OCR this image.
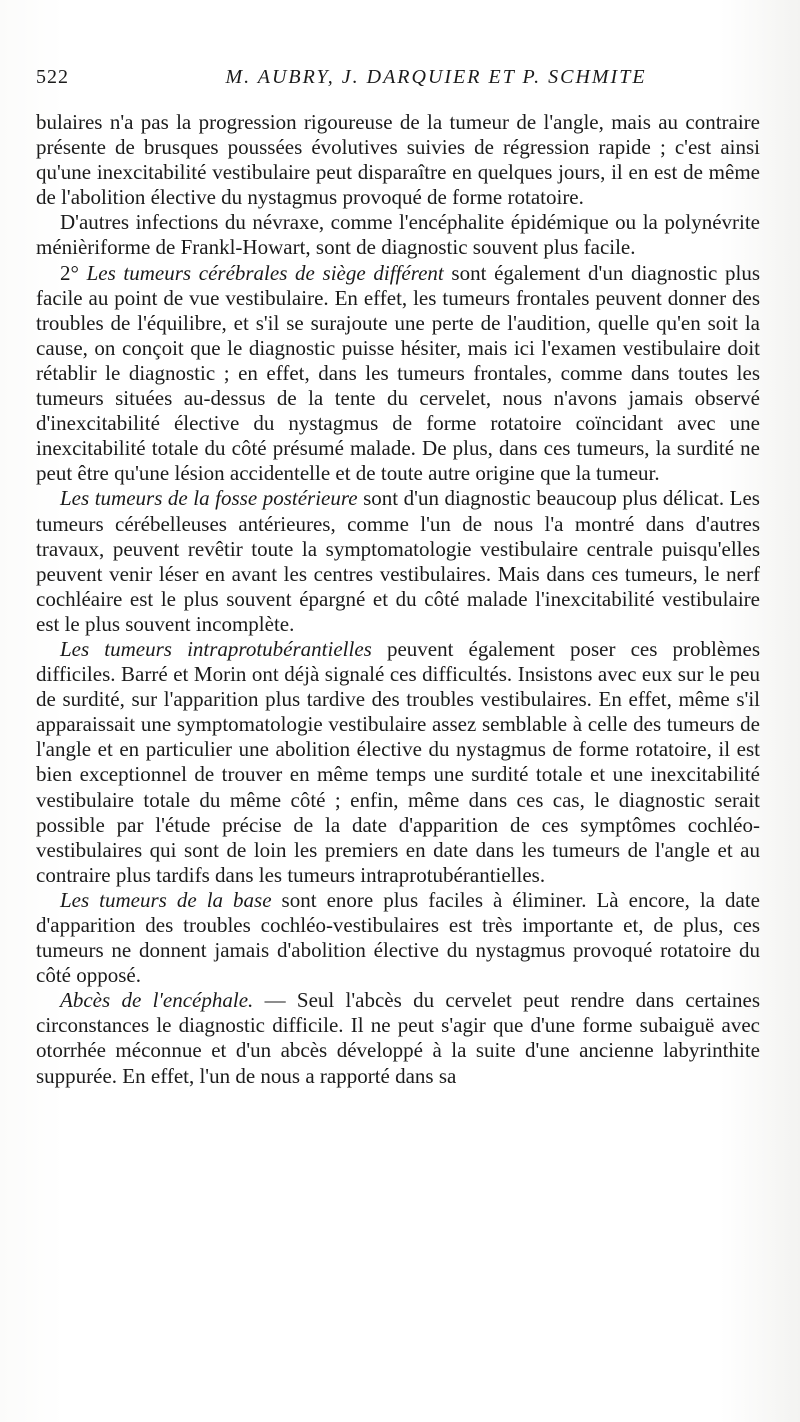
522	M. AUBRY, J. DARQUIER ET P. SCHMITE

bulaires n'a pas la progression rigoureuse de la tumeur de l'angle, mais au contraire présente de brusques poussées évolutives suivies de régression rapide ; c'est ainsi qu'une inexcitabilité vestibulaire peut disparaître en quelques jours, il en est de même de l'abolition élective du nystagmus provoqué de forme rotatoire.

D'autres infections du névraxe, comme l'encéphalite épidémique ou la polynévrite ménièriforme de Frankl-Howart, sont de diagnostic souvent plus facile.

2° Les tumeurs cérébrales de siège différent sont également d'un diagnostic plus facile au point de vue vestibulaire. En effet, les tumeurs frontales peuvent donner des troubles de l'équilibre, et s'il se surajoute une perte de l'audition, quelle qu'en soit la cause, on conçoit que le diagnostic puisse hésiter, mais ici l'examen vestibulaire doit rétablir le diagnostic ; en effet, dans les tumeurs frontales, comme dans toutes les tumeurs situées au-dessus de la tente du cervelet, nous n'avons jamais observé d'inexcitabilité élective du nystagmus de forme rotatoire coïncidant avec une inexcitabilité totale du côté présumé malade. De plus, dans ces tumeurs, la surdité ne peut être qu'une lésion accidentelle et de toute autre origine que la tumeur.

Les tumeurs de la fosse postérieure sont d'un diagnostic beaucoup plus délicat. Les tumeurs cérébelleuses antérieures, comme l'un de nous l'a montré dans d'autres travaux, peuvent revêtir toute la symptomatologie vestibulaire centrale puisqu'elles peuvent venir léser en avant les centres vestibulaires. Mais dans ces tumeurs, le nerf cochléaire est le plus souvent épargné et du côté malade l'inexcitabilité vestibulaire est le plus souvent incomplète.

Les tumeurs intraprotubérantielles peuvent également poser ces problèmes difficiles. Barré et Morin ont déjà signalé ces difficultés. Insistons avec eux sur le peu de surdité, sur l'apparition plus tardive des troubles vestibulaires. En effet, même s'il apparaissait une symptomatologie vestibulaire assez semblable à celle des tumeurs de l'angle et en particulier une abolition élective du nystagmus de forme rotatoire, il est bien exceptionnel de trouver en même temps une surdité totale et une inexcitabilité vestibulaire totale du même côté ; enfin, même dans ces cas, le diagnostic serait possible par l'étude précise de la date d'apparition de ces symptômes cochléo-vestibulaires qui sont de loin les premiers en date dans les tumeurs de l'angle et au contraire plus tardifs dans les tumeurs intraprotubérantielles.

Les tumeurs de la base sont enore plus faciles à éliminer. Là encore, la date d'apparition des troubles cochléo-vestibulaires est très importante et, de plus, ces tumeurs ne donnent jamais d'abolition élective du nystagmus provoqué rotatoire du côté opposé.

Abcès de l'encéphale. — Seul l'abcès du cervelet peut rendre dans certaines circonstances le diagnostic difficile. Il ne peut s'agir que d'une forme subaiguë avec otorrhée méconnue et d'un abcès développé à la suite d'une ancienne labyrinthite suppurée. En effet, l'un de nous a rapporté dans sa
